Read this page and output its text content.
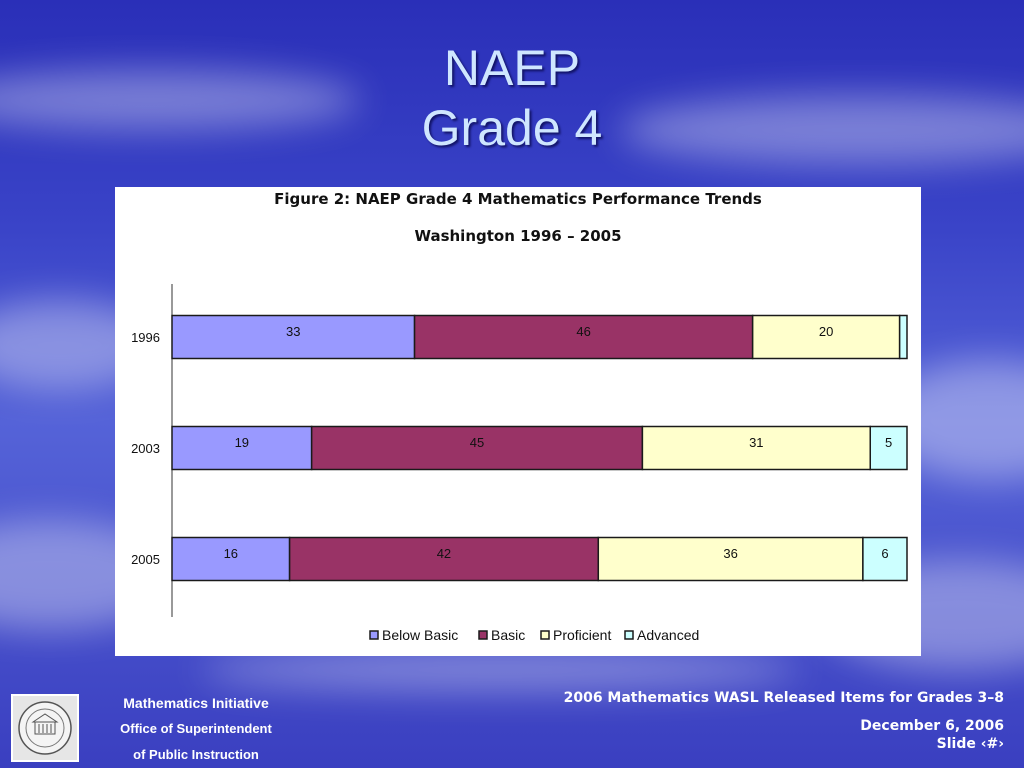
NAEP
Grade 4
Figure 2: NAEP Grade 4 Mathematics Performance Trends
Washington 1996 – 2005
1996	33	46	20
2003	19	45	31	5
2005	16	42	36	6
Below Basic Basic Proficient Advanced
Mathematics Initiative
Office of Superintendent
of Public Instruction
2006 Mathematics WASL Released Items for Grades 3–8
December 6, 2006
Slide ‹#›
